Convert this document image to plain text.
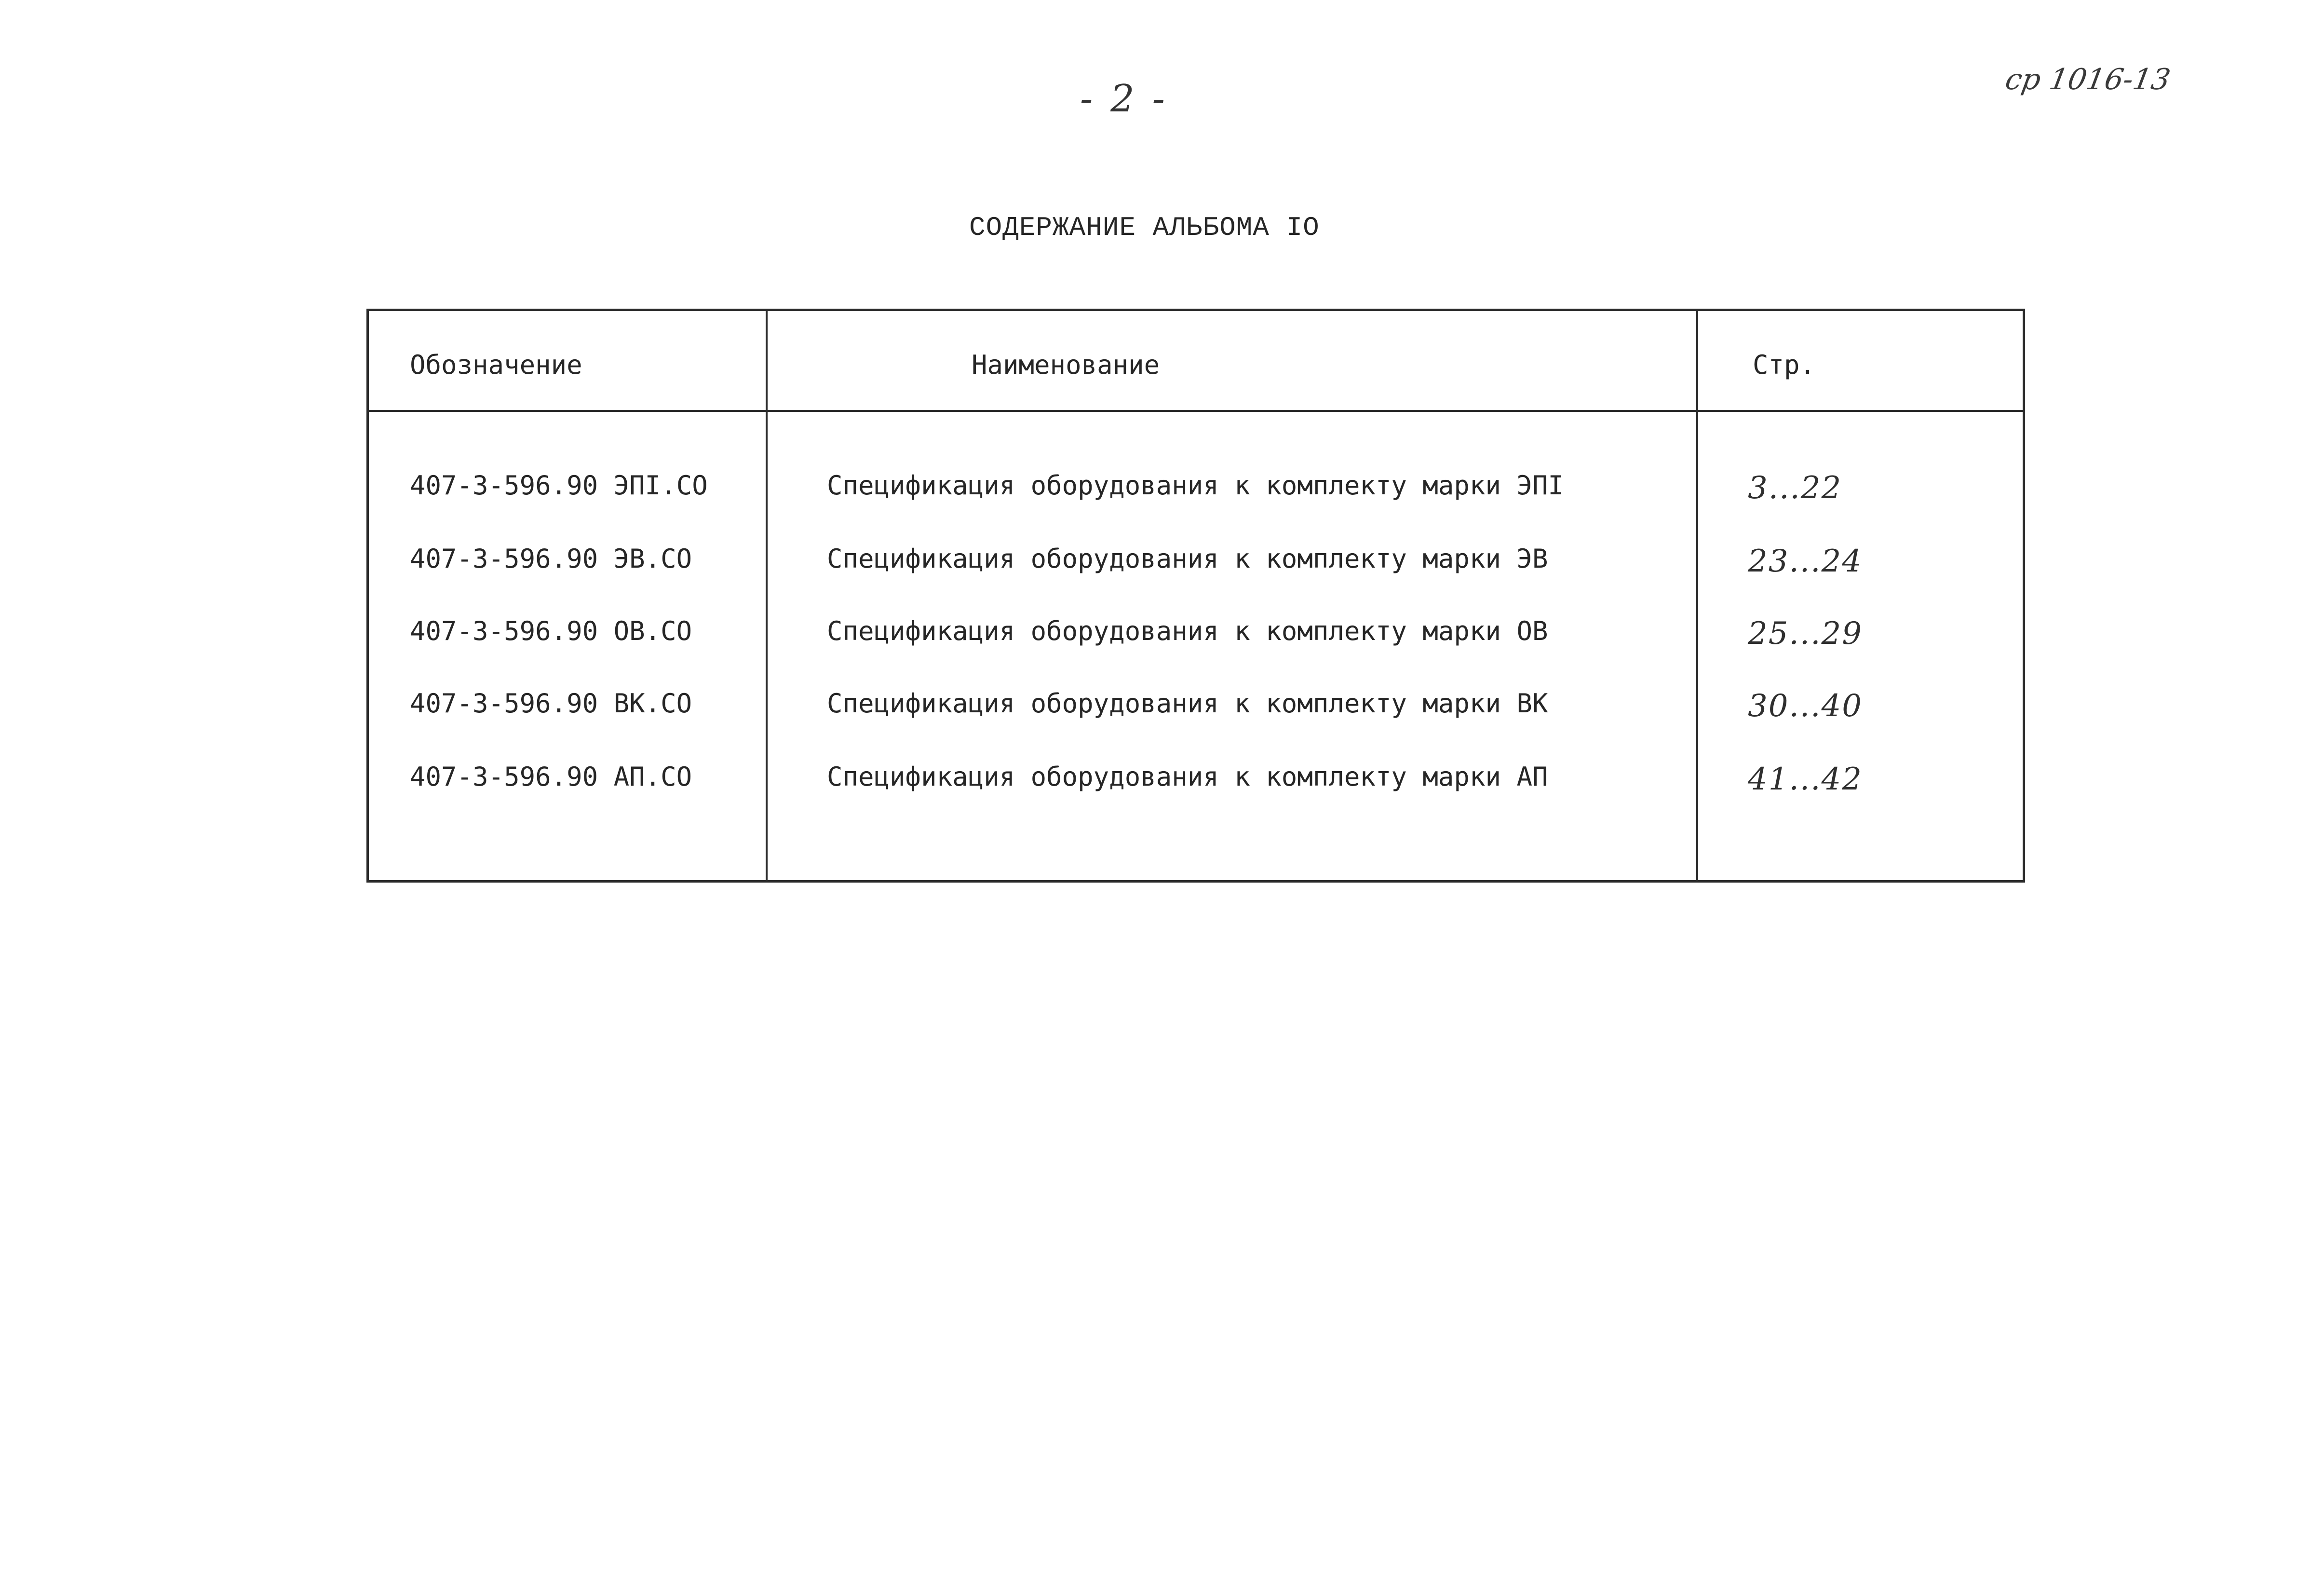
- 2 -	ср 1016-13
СОДЕРЖАНИЕ АЛЬБОМА IO
Обозначение	Наименование	Стр.
407-3-596.90 ЭПI.CO	Спецификация оборудования к комплекту марки ЭПI	3...22
407-3-596.90 ЭВ.CO	Спецификация оборудования к комплекту марки ЭВ	23...24
407-3-596.90 ОВ.CO	Спецификация оборудования к комплекту марки ОВ	25...29
407-3-596.90 ВК.CO	Спецификация оборудования к комплекту марки ВК	30...40
407-3-596.90 АП.CO	Спецификация оборудования к комплекту марки АП	41...42
